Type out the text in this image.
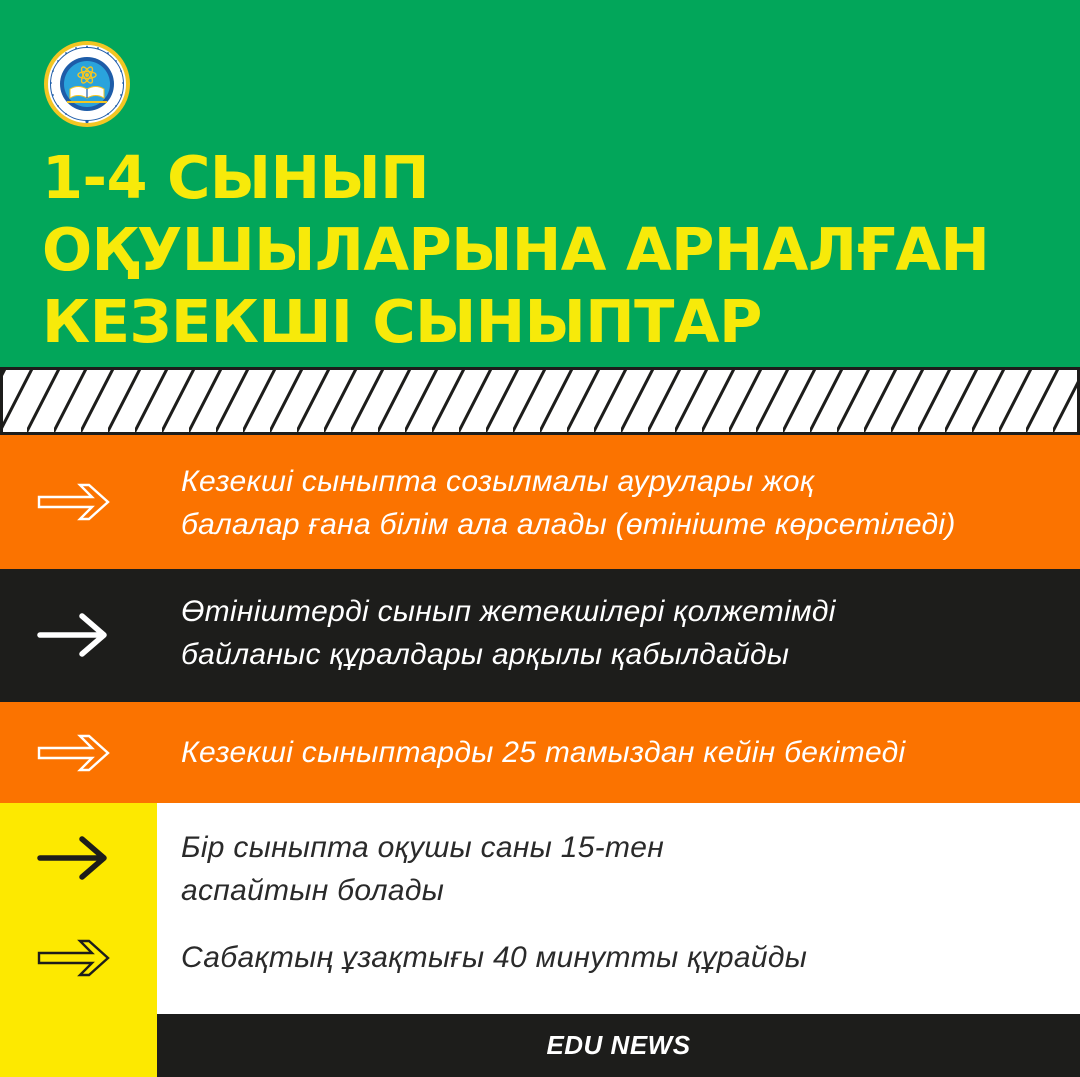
1-4 СЫНЫП
ОҚУШЫЛАРЫНА АРНАЛҒАН
КЕЗЕКШІ СЫНЫПТАР

Кезекші сыныпта созылмалы аурулары жоқ
балалар ғана білім ала алады (өтініште көрсетіледі)

Өтініштерді сынып жетекшілері қолжетімді
байланыс құралдары арқылы қабылдайды

Кезекші сыныптарды 25 тамыздан кейін бекітеді

Бір сыныпта оқушы саны 15-тен
аспайтын болады

Сабақтың ұзақтығы 40 минутты құрайды

EDU NEWS
